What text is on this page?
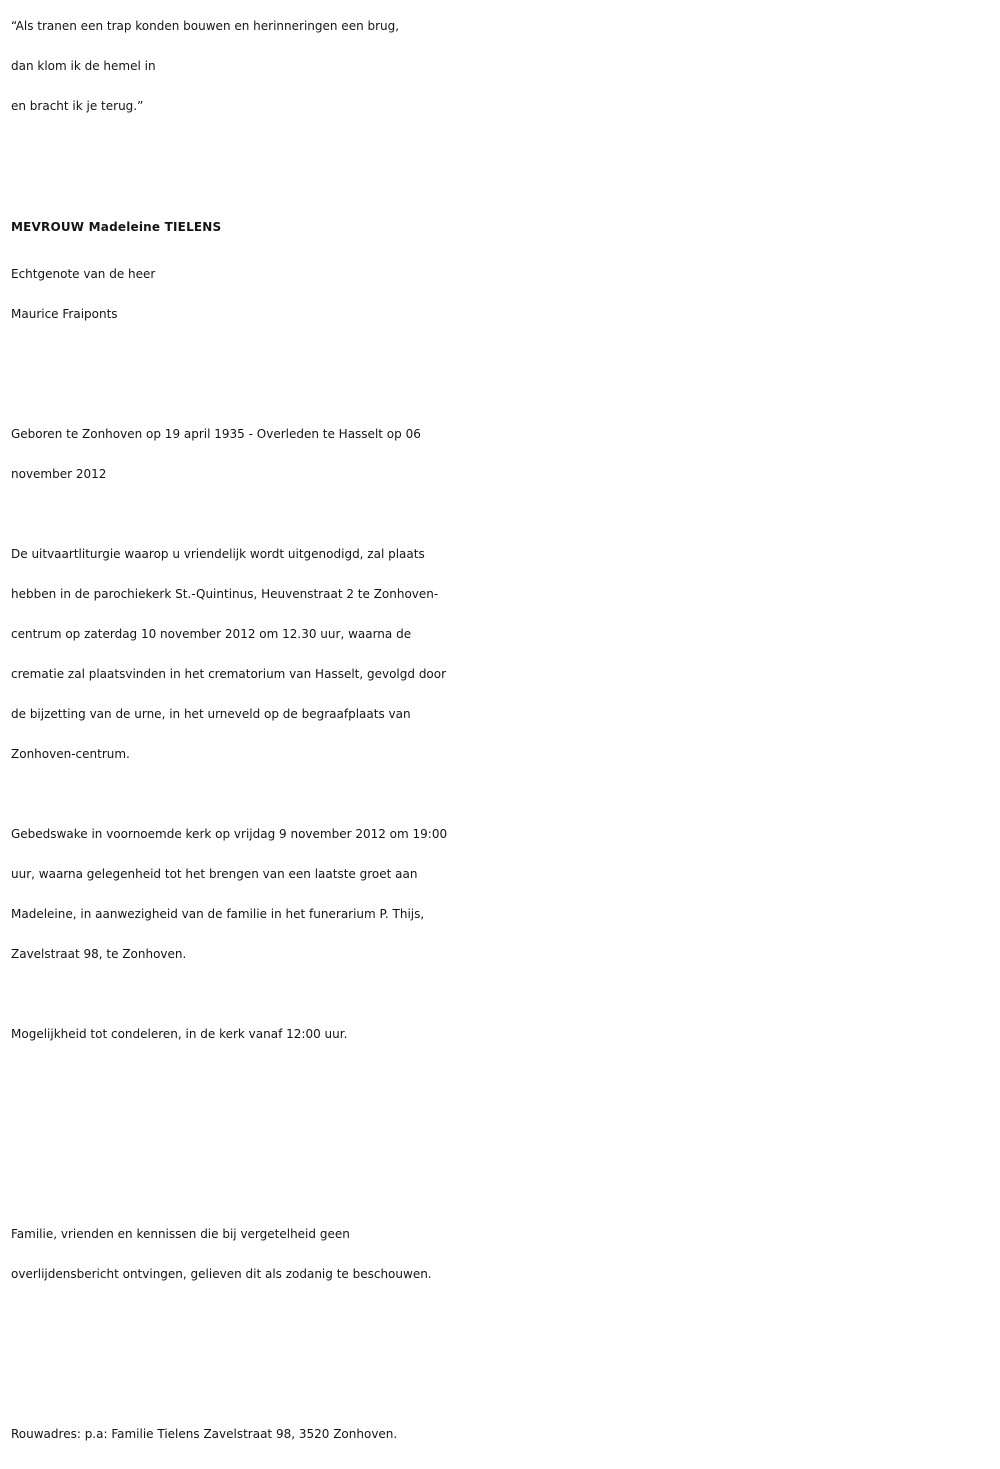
“Als tranen een trap konden bouwen en herinneringen een brug,

dan klom ik de hemel in

en bracht ik je terug.”

MEVROUW Madeleine TIELENS

Echtgenote van de heer

Maurice Fraiponts

Geboren te Zonhoven op 19 april 1935 - Overleden te Hasselt op 06

november 2012

De uitvaartliturgie waarop u vriendelijk wordt uitgenodigd, zal plaats

hebben in de parochiekerk St.-Quintinus, Heuvenstraat 2 te Zonhoven-

centrum op zaterdag 10 november 2012 om 12.30 uur, waarna de

crematie zal plaatsvinden in het crematorium van Hasselt, gevolgd door

de bijzetting van de urne, in het urneveld op de begraafplaats van

Zonhoven-centrum.

Gebedswake in voornoemde kerk op vrijdag 9 november 2012 om 19:00

uur, waarna gelegenheid tot het brengen van een laatste groet aan

Madeleine, in aanwezigheid van de familie in het funerarium P. Thijs,

Zavelstraat 98, te Zonhoven.

Mogelijkheid tot condeleren, in de kerk vanaf 12:00 uur.

Familie, vrienden en kennissen die bij vergetelheid geen

overlijdensbericht ontvingen, gelieven dit als zodanig te beschouwen.

Rouwadres: p.a: Familie Tielens Zavelstraat 98, 3520 Zonhoven.
